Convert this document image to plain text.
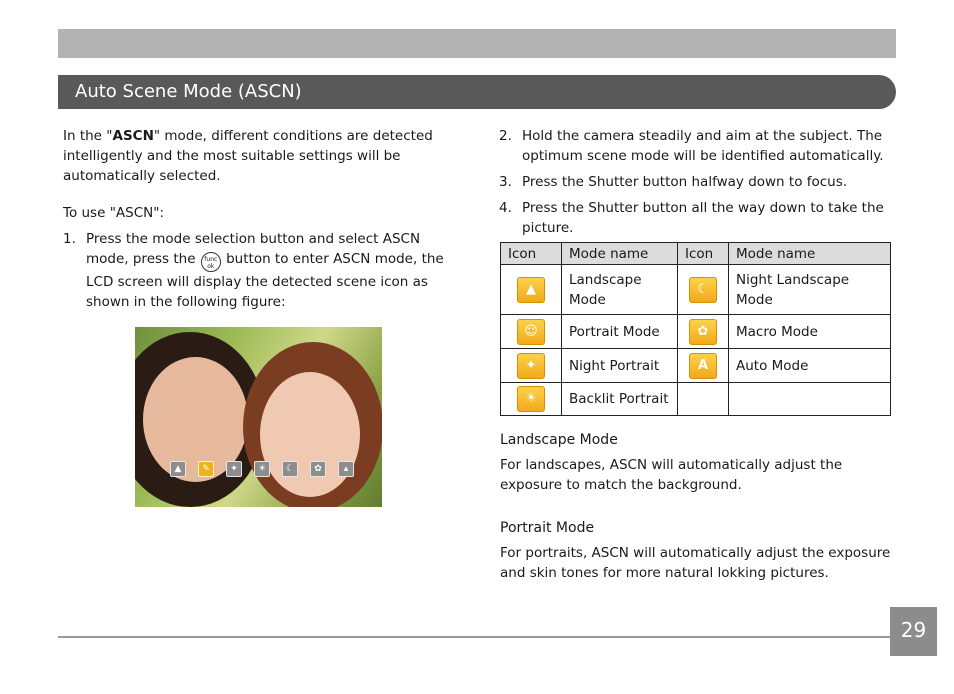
Auto Scene Mode (ASCN)

In the "ASCN" mode, different conditions are detected intelligently and the most suitable settings will be automatically selected.

To use "ASCN":

1. Press the mode selection button and select ASCN mode, press the func
ok button to enter ASCN mode, the LCD screen will display the detected scene icon as shown in the following figure:
▲	✎	✦	☀	☾	✿	▴
2. Hold the camera steadily and aim at the subject. The optimum scene mode will be identified automatically.
3. Press the Shutter button halfway down to focus.
4. Press the Shutter button all the way down to take the picture.
Icon	Mode name	Icon	Mode name
▲	Landscape Mode	☾	Night Landscape Mode
☺	Portrait Mode	✿	Macro Mode
✦	Night Portrait	A	Auto Mode
☀	Backlit Portrait		
Landscape Mode

For landscapes, ASCN will automatically adjust the exposure to match the background.

Portrait Mode

For portraits, ASCN will automatically adjust the exposure and skin tones for more natural lokking pictures.

29
